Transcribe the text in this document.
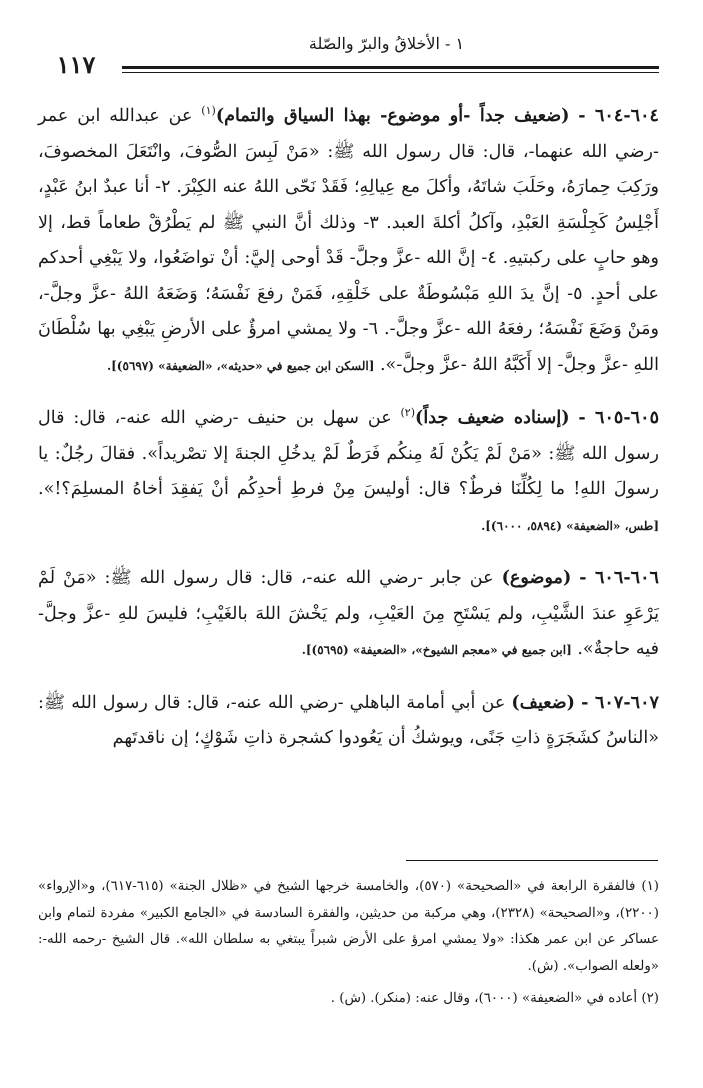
١ - الأخلاقُ والبرّ والصّلة
١١٧

٦٠٤-٦٠٤ - (ضعيف جداً -أو موضوع- بهذا السياق والتمام)$^{(١)}$ عن عبدالله ابن عمر -رضي الله عنهما-، قال: قال رسول الله ﷺ: «مَنْ لَبِسَ الصُّوفَ، وانْتَعَلَ المخصوفَ، ورَكِبَ حِمارَهُ، وحَلَبَ شاتَهُ، وأكلَ مع عِيالِهِ؛ فَقَدْ نَحّى اللهُ عنه الكِبْرَ. ٢- أنا عبدٌ ابنُ عَبْدٍ، أَجْلِسُ كَجِلْسَةِ العَبْدِ، وآكلُ أكلةَ العبد. ٣- وذلك أنَّ النبي ﷺ لم يَطْرُقْ طعاماً قط، إلا وهو حابٍ على ركبتيهِ. ٤- إنَّ الله -عزَّ وجلَّ- قَدْ أوحى إليَّ: أنْ تواضَعُوا، ولا يَبْغِي أحدكم على أحدٍ. ٥- إنَّ يدَ اللهِ مَبْسُوطَةٌ على خَلْقِهِ، فَمَنْ رفعَ نَفْسَهُ؛ وَضَعَهُ اللهُ -عزَّ وجلَّ-، ومَنْ وَضَعَ نَفْسَهُ؛ رفعَهُ الله -عزَّ وجلَّ-. ٦- ولا يمشي امرؤٌ على الأرضِ يَبْغِي بها سُلْطَانَ اللهِ -عزَّ وجلَّ- إلا أَكَبَّهُ اللهُ -عزَّ وجلَّ-». [السكن ابن جميع في «حديثه»، «الضعيفة» (٥٦٩٧)].

٦٠٥-٦٠٥ - (إسناده ضعيف جداً)$^{(٢)}$ عن سهل بن حنيف -رضي الله عنه-، قال: قال رسول الله ﷺ: «مَنْ لَمْ يَكُنْ لَهُ مِنكُم فَرَطٌ لَمْ يدخُلِ الجنةَ إلا تصْريداً». فقالَ رجُلٌ: يا رسولَ اللهِ! ما لِكُلِّنَا فرطٌ؟ قال: أوليسَ مِنْ فرطِ أحدِكُم أنْ يَفقِدَ أخاهُ المسلِمَ؟!». [طس، «الضعيفة» (٥٨٩٤، ٦٠٠٠)].

٦٠٦-٦٠٦ - (موضوع) عن جابر -رضي الله عنه-، قال: قال رسول الله ﷺ: «مَنْ لَمْ يَرْعَوِ عندَ الشَّيْبِ، ولم يَسْتَحِ مِنَ العَيْبِ، ولم يَخْشَ اللهَ بالغَيْبِ؛ فليسَ للهِ -عزَّ وجلَّ- فيه حاجةٌ». [ابن جميع في «معجم الشيوخ»، «الضعيفة» (٥٦٩٥)].

٦٠٧-٦٠٧ - (ضعيف) عن أبي أمامة الباهلي -رضي الله عنه-، قال: قال رسول الله ﷺ: «الناسُ كشَجَرَةٍ ذاتِ جَنًى، ويوشكُ أن يَعُودوا كشجرة ذاتِ شَوْكٍ؛ إن ناقدتَهم

(١) فالفقرة الرابعة في «الصحيحة» (٥٧٠)، والخامسة خرجها الشيخ في «ظلال الجنة» (٦١٥-٦١٧)، و«الإرواء» (٢٢٠٠)، و«الصحيحة» (٢٣٢٨)، وهي مركبة من حديثين، والفقرة السادسة في «الجامع الكبير» مفردة لتمام وابن عساكر عن ابن عمر هكذا: «ولا يمشي امرؤ على الأرض شبراً يبتغي به سلطان الله». قال الشيخ -رحمه الله-: «ولعله الصواب». (ش).

(٢) أعاده في «الضعيفة» (٦٠٠٠)، وقال عنه: (منكر). (ش) .
